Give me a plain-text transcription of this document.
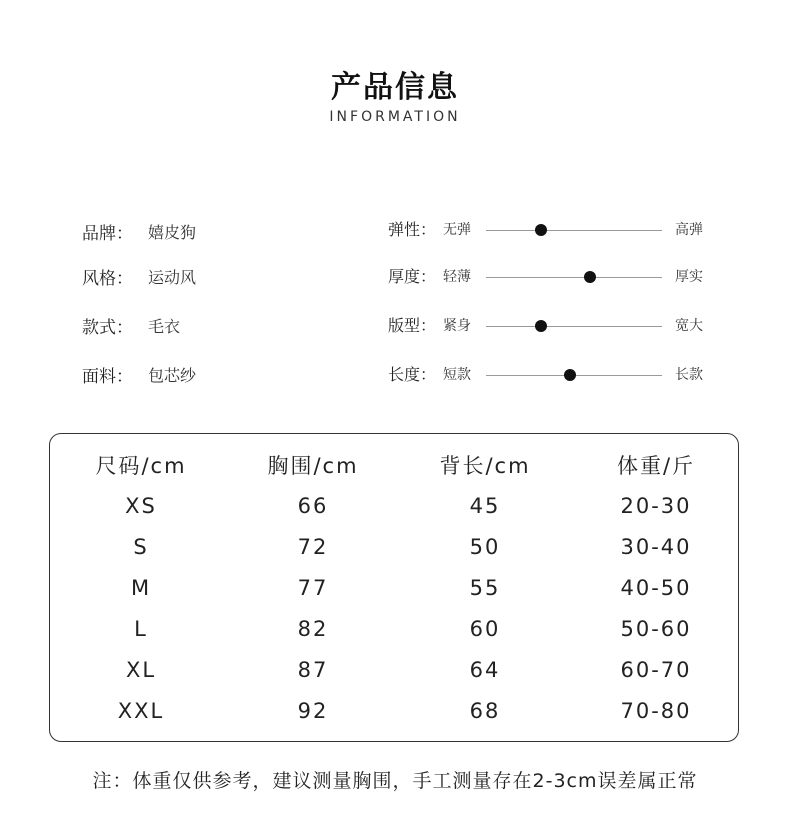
产品信息
INFORMATION
品牌： 嬉皮狗
风格： 运动风
款式： 毛衣
面料： 包芯纱
弹性： 无弹	高弹
厚度： 轻薄	厚实
版型： 紧身	宽大
长度： 短款	长款
尺码/cm	胸围/cm	背长/cm	体重/斤
XS	66	45	20-30
S	72	50	30-40
M	77	55	40-50
L	82	60	50-60
XL	87	64	60-70
XXL	92	68	70-80
注：体重仅供参考，建议测量胸围，手工测量存在2-3cm误差属正常
